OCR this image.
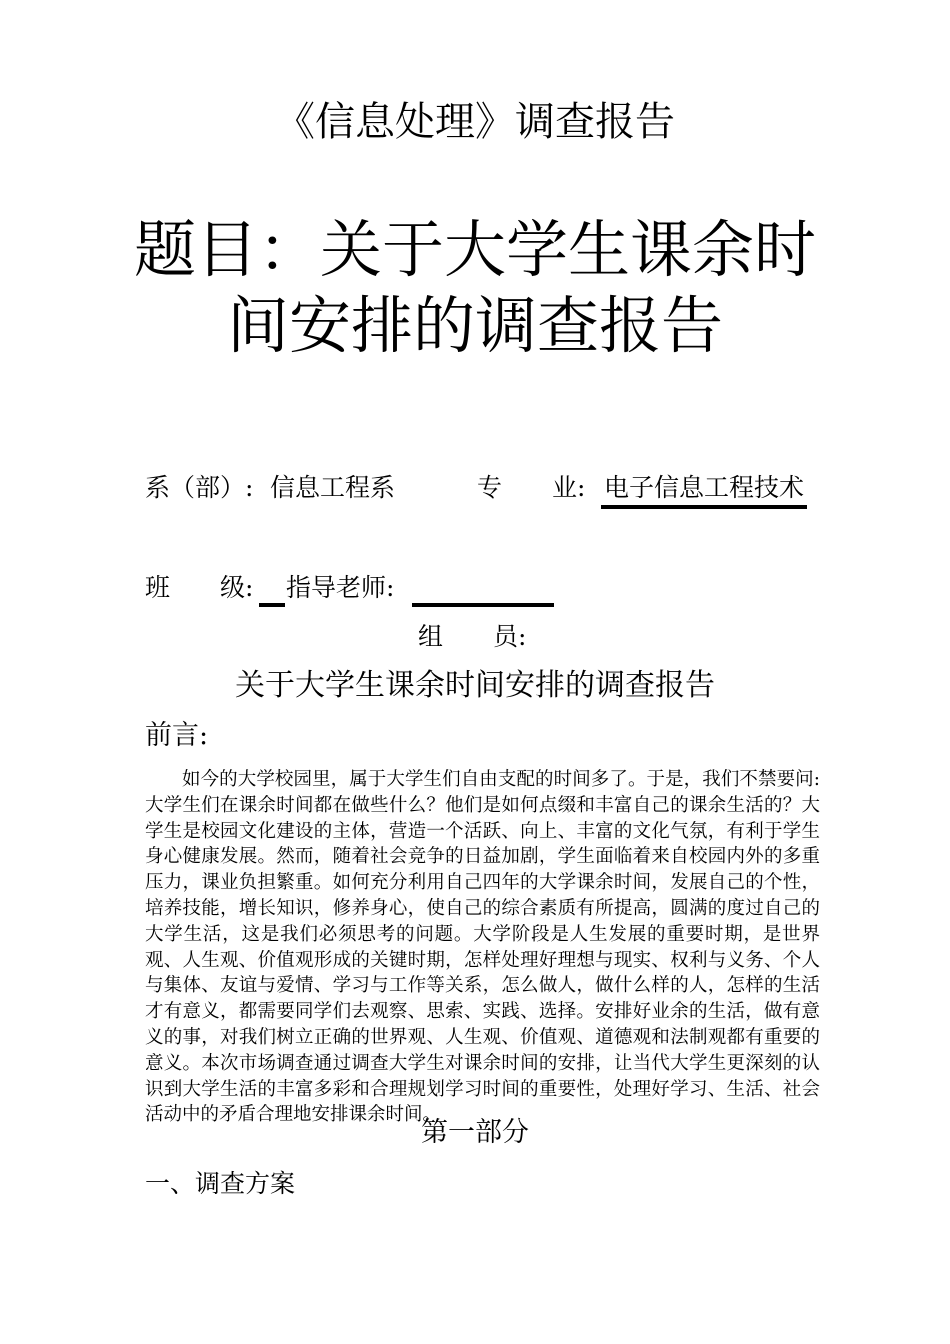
《信息处理》调查报告
题目：关于大学生课余时
间安排的调查报告
系（部）: 信息工程系	专　　业: 电子信息工程技术
班　　级: 指导老师:
组　　员:
关于大学生课余时间安排的调查报告
前言:

如今的大学校园里，属于大学生们自由支配的时间多了。于是，我们不禁要问:大学生们在课余时间都在做些什么？他们是如何点缀和丰富自己的课余生活的？大学生是校园文化建设的主体，营造一个活跃、向上、丰富的文化气氛，有利于学生身心健康发展。然而，随着社会竞争的日益加剧，学生面临着来自校园内外的多重压力，课业负担繁重。如何充分利用自己四年的大学课余时间，发展自己的个性，培养技能，增长知识，修养身心，使自己的综合素质有所提高，圆满的度过自己的大学生活，这是我们必须思考的问题。大学阶段是人生发展的重要时期，是世界观、人生观、价值观形成的关键时期，怎样处理好理想与现实、权利与义务、个人与集体、友谊与爱情、学习与工作等关系，怎么做人，做什么样的人，怎样的生活才有意义，都需要同学们去观察、思索、实践、选择。安排好业余的生活，做有意义的事，对我们树立正确的世界观、人生观、价值观、道德观和法制观都有重要的意义。本次市场调查通过调查大学生对课余时间的安排，让当代大学生更深刻的认识到大学生活的丰富多彩和合理规划学习时间的重要性，处理好学习、生活、社会活动中的矛盾合理地安排课余时间。

第一部分
一、调查方案
